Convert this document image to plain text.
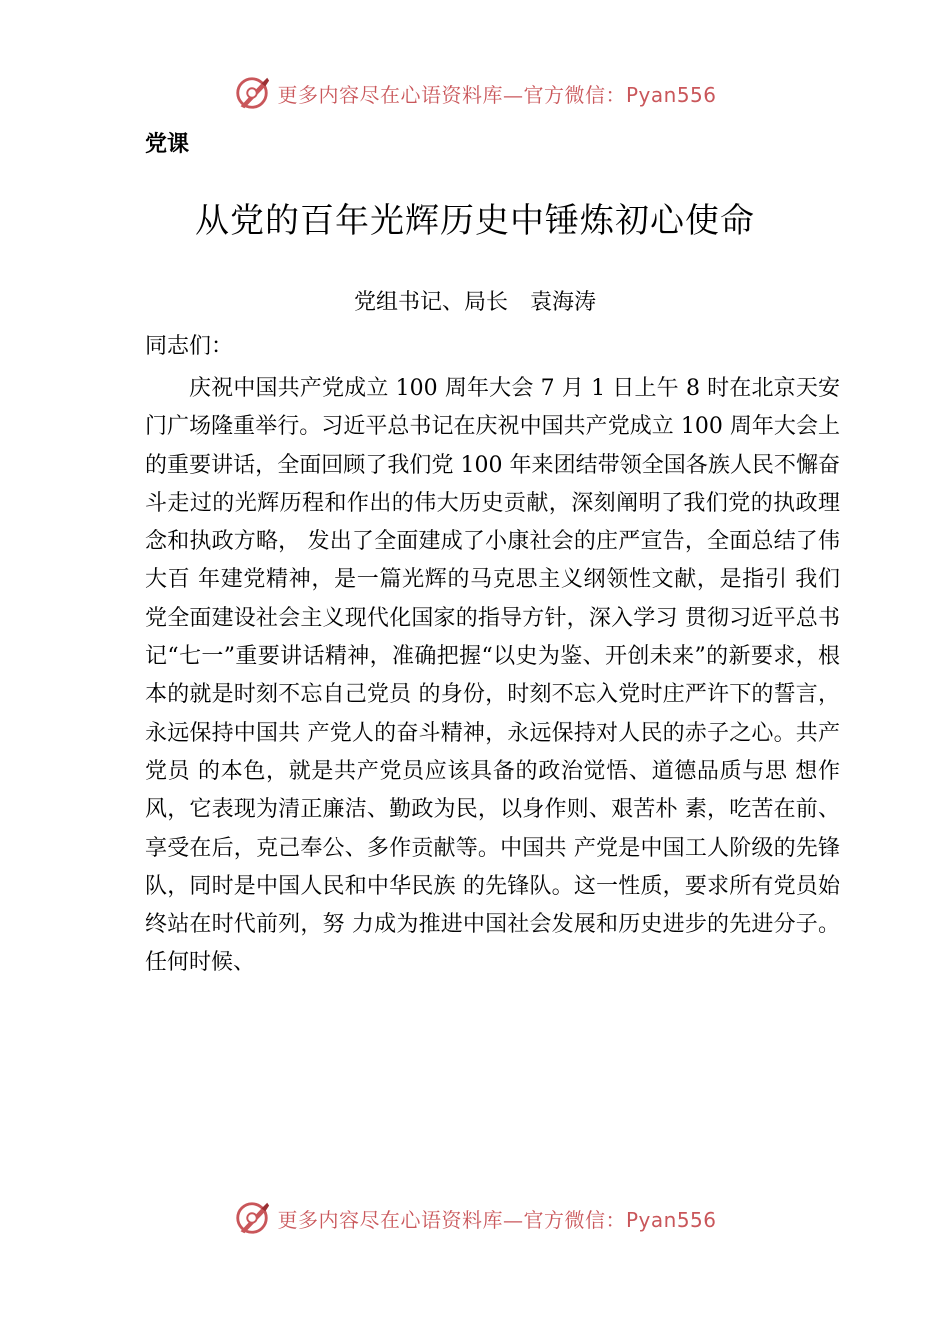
更多内容尽在心语资料库—官方微信：Pyan556
党课
从党的百年光辉历史中锤炼初心使命
党组书记、局长　袁海涛
同志们：

庆祝中国共产党成立 100 周年大会 7 月 1 日上午 8 时在北京天安门广场隆重举行。习近平总书记在庆祝中国共产党成立 100 周年大会上的重要讲话，全面回顾了我们党 100 年来团结带领全国各族人民不懈奋斗走过的光辉历程和作出的伟大历史贡献，深刻阐明了我们党的执政理念和执政方略， 发出了全面建成了小康社会的庄严宣告，全面总结了伟大百 年建党精神，是一篇光辉的马克思主义纲领性文献，是指引 我们党全面建设社会主义现代化国家的指导方针，深入学习 贯彻习近平总书记“七一”重要讲话精神，准确把握“以史为鉴、开创未来”的新要求，根本的就是时刻不忘自己党员 的身份，时刻不忘入党时庄严许下的誓言，永远保持中国共 产党人的奋斗精神，永远保持对人民的赤子之心。共产党员 的本色，就是共产党员应该具备的政治觉悟、道德品质与思 想作风，它表现为清正廉洁、勤政为民，以身作则、艰苦朴 素，吃苦在前、享受在后，克己奉公、多作贡献等。中国共 产党是中国工人阶级的先锋队，同时是中国人民和中华民族 的先锋队。这一性质，要求所有党员始终站在时代前列，努 力成为推进中国社会发展和历史进步的先进分子。任何时候、

更多内容尽在心语资料库—官方微信：Pyan556
